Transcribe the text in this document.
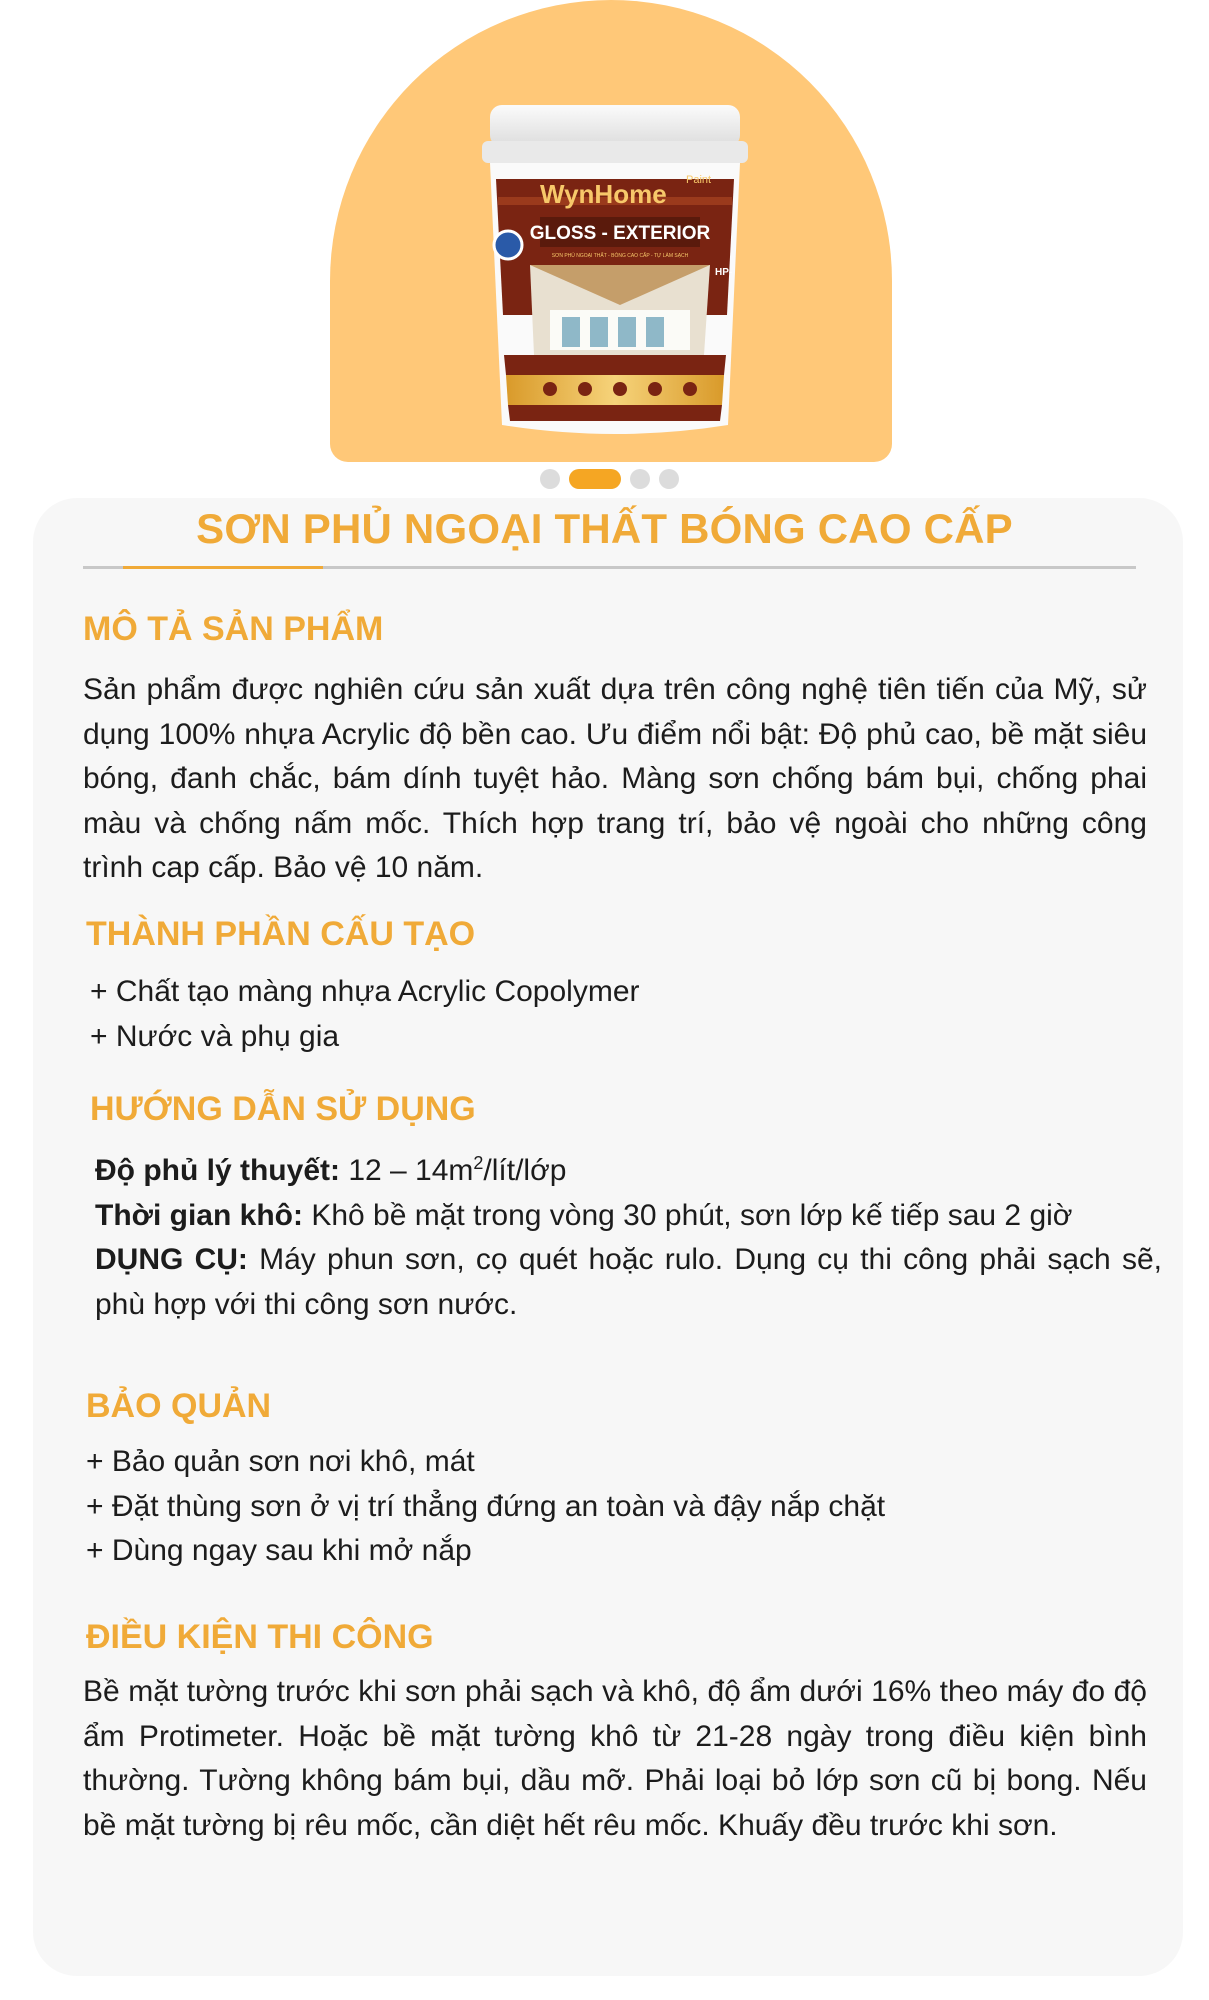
WynHome Paint
GLOSS - EXTERIOR
SƠN PHỦ NGOẠI THẤT - BÓNG CAO CẤP - TỰ LÀM SẠCH
HP-
SƠN PHỦ NGOẠI THẤT BÓNG CAO CẤP
MÔ TẢ SẢN PHẨM

Sản phẩm được nghiên cứu sản xuất dựa trên công nghệ tiên tiến của Mỹ, sử dụng 100% nhựa Acrylic độ bền cao. Ưu điểm nổi bật: Độ phủ cao, bề mặt siêu bóng, đanh chắc, bám dính tuyệt hảo. Màng sơn chống bám bụi, chống phai màu và chống nấm mốc. Thích hợp trang trí, bảo vệ ngoài cho những công trình cap cấp. Bảo vệ 10 năm.

THÀNH PHẦN CẤU TẠO
+ Chất tạo màng nhựa Acrylic Copolymer
+ Nước và phụ gia
HƯỚNG DẪN SỬ DỤNG
Độ phủ lý thuyết: $12 - 14m^2/lít$/lớp
Thời gian khô: Khô bề mặt trong vòng 30 phút, sơn lớp kế tiếp sau 2 giờ
DỤNG CỤ: Máy phun sơn, cọ quét hoặc rulo. Dụng cụ thi công phải sạch sẽ, phù hợp với thi công sơn nước.
BẢO QUẢN
+ Bảo quản sơn nơi khô, mát
+ Đặt thùng sơn ở vị trí thẳng đứng an toàn và đậy nắp chặt
+ Dùng ngay sau khi mở nắp
ĐIỀU KIỆN THI CÔNG

Bề mặt tường trước khi sơn phải sạch và khô, độ ẩm dưới 16% theo máy đo độ ẩm Protimeter. Hoặc bề mặt tường khô từ 21-28 ngày trong điều kiện bình thường. Tường không bám bụi, dầu mỡ. Phải loại bỏ lớp sơn cũ bị bong. Nếu bề mặt tường bị rêu mốc, cần diệt hết rêu mốc. Khuấy đều trước khi sơn.
